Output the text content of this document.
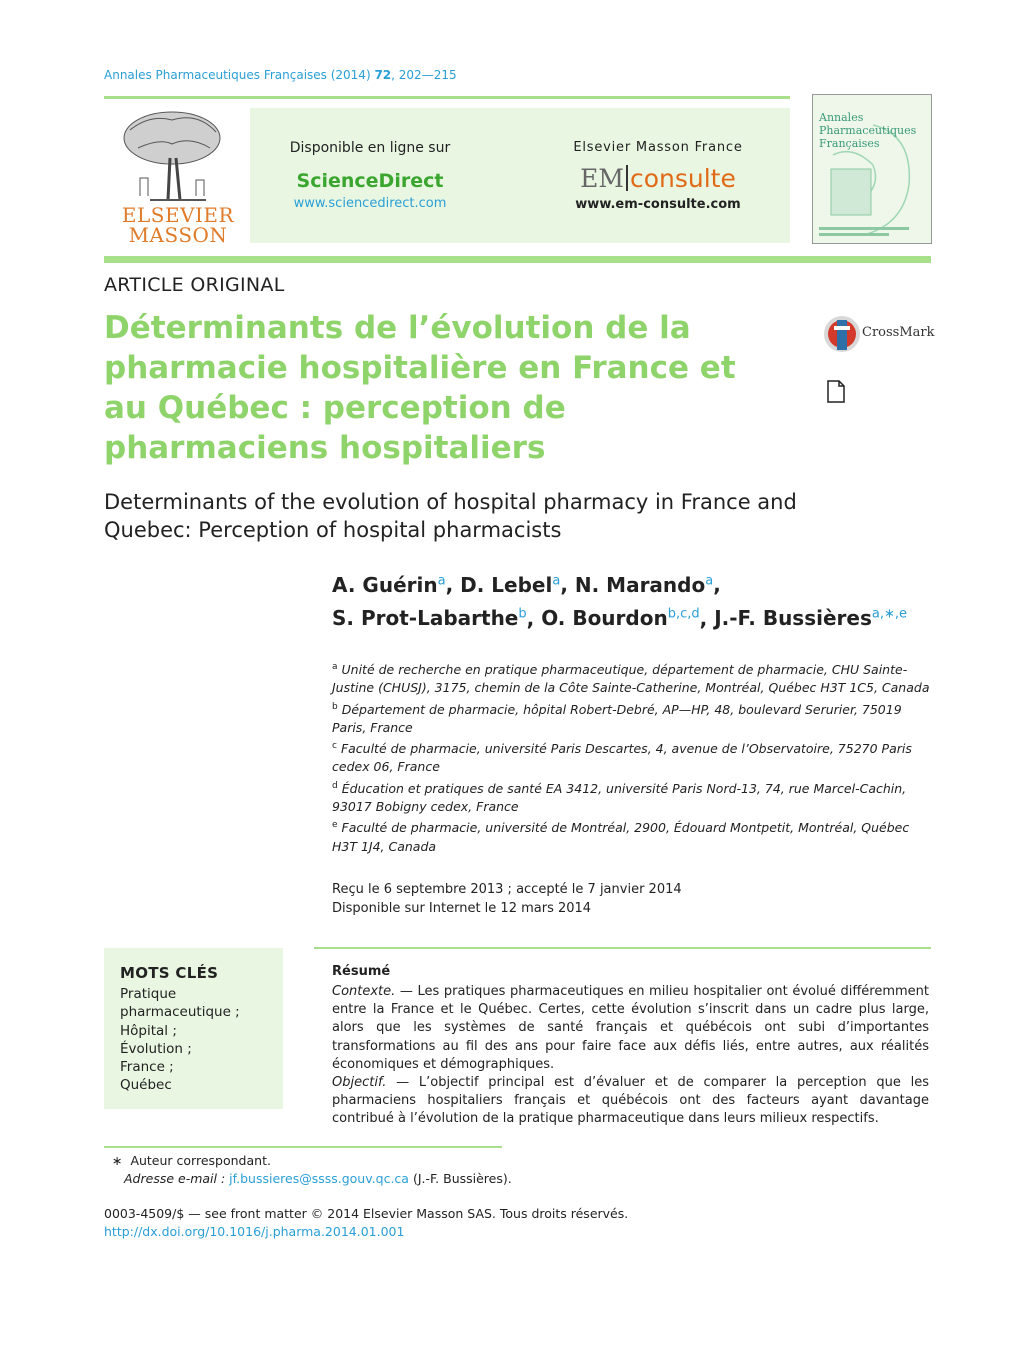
Annales Pharmaceutiques Françaises (2014) 72, 202—215
ELSEVIER
MASSON
Disponible en ligne sur
ScienceDirect
www.sciencedirect.com
Elsevier Masson France
EM consulte
www.em-consulte.com
Annales
Pharmaceutiques
Françaises
ARTICLE ORIGINAL
Déterminants de l’évolution de la pharmacie hospitalière en France et au Québec : perception de pharmaciens hospitaliers
CrossMark
Determinants of the evolution of hospital pharmacy in France and Quebec: Perception of hospital pharmacists
A. Guérin$^a$, D. Lebel$^a$, N. Marando$^a$,
S. Prot-Labarthe$^b$, O. Bourdon$^{b,c,d}$, J.-F. Bussières$^{a,∗,e}$

$^a$ Unité de recherche en pratique pharmaceutique, département de pharmacie, CHU Sainte-Justine (CHUSJ), 3175, chemin de la Côte Sainte-Catherine, Montréal, Québec H3T 1C5, Canada

$^b$ Département de pharmacie, hôpital Robert-Debré, AP—HP, 48, boulevard Serurier, 75019 Paris, France

$^c$ Faculté de pharmacie, université Paris Descartes, 4, avenue de l’Observatoire, 75270 Paris cedex 06, France

$^d$ Éducation et pratiques de santé EA 3412, université Paris Nord-13, 74, rue Marcel-Cachin, 93017 Bobigny cedex, France

$^e$ Faculté de pharmacie, université de Montréal, 2900, Édouard Montpetit, Montréal, Québec H3T 1J4, Canada

Reçu le 6 septembre 2013 ; accepté le 7 janvier 2014
Disponible sur Internet le 12 mars 2014
MOTS CLÉS
Pratique pharmaceutique ;
Hôpital ;
Évolution ;
France ;
Québec
Résumé

Contexte. — Les pratiques pharmaceutiques en milieu hospitalier ont évolué différemment entre la France et le Québec. Certes, cette évolution s’inscrit dans un cadre plus large, alors que les systèmes de santé français et québécois ont subi d’importantes transformations au fil des ans pour faire face aux défis liés, entre autres, aux réalités économiques et démographiques.

Objectif. — L’objectif principal est d’évaluer et de comparer la perception que les pharmaciens hospitaliers français et québécois ont des facteurs ayant davantage contribué à l’évolution de la pratique pharmaceutique dans leurs milieux respectifs.

∗ Auteur correspondant.
Adresse e-mail : jf.bussieres@ssss.gouv.qc.ca (J.-F. Bussières).
0003-4509/$ — see front matter © 2014 Elsevier Masson SAS. Tous droits réservés.
http://dx.doi.org/10.1016/j.pharma.2014.01.001
